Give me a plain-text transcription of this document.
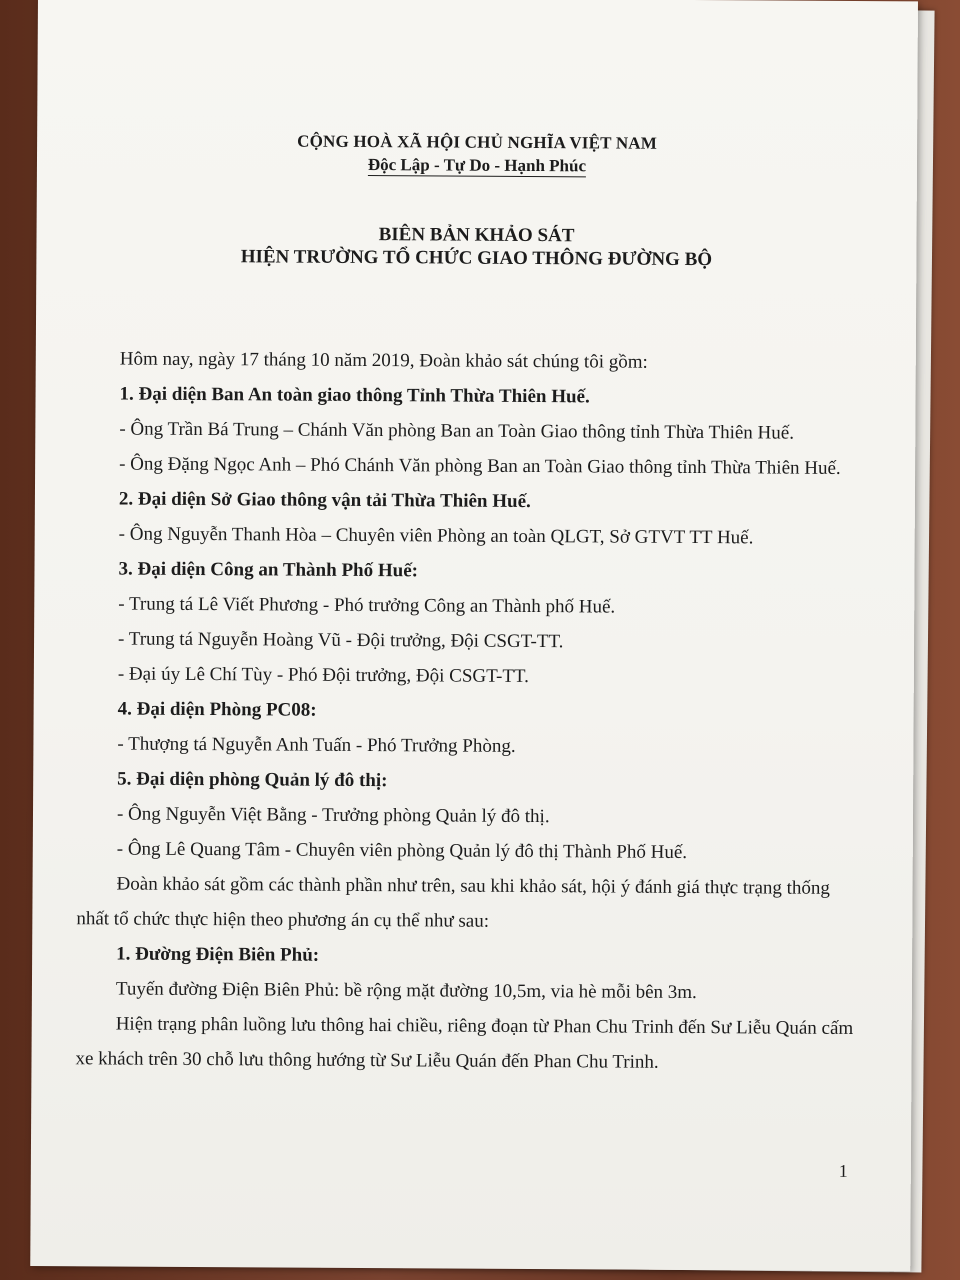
CỘNG HOÀ XÃ HỘI CHỦ NGHĨA VIỆT NAM
Độc Lập - Tự Do - Hạnh Phúc
BIÊN BẢN KHẢO SÁT
HIỆN TRƯỜNG TỔ CHỨC GIAO THÔNG ĐƯỜNG BỘ

Hôm nay, ngày 17 tháng 10 năm 2019, Đoàn khảo sát chúng tôi gồm:

1. Đại diện Ban An toàn giao thông Tỉnh Thừa Thiên Huế.

- Ông Trần Bá Trung – Chánh Văn phòng Ban an Toàn Giao thông tỉnh Thừa Thiên Huế.

- Ông Đặng Ngọc Anh – Phó Chánh Văn phòng Ban an Toàn Giao thông tỉnh Thừa Thiên Huế.

2. Đại diện Sở Giao thông vận tải Thừa Thiên Huế.

- Ông Nguyễn Thanh Hòa – Chuyên viên Phòng an toàn QLGT, Sở GTVT TT Huế.

3. Đại diện Công an Thành Phố Huế:

- Trung tá Lê Viết Phương - Phó trưởng Công an Thành phố Huế.

- Trung tá Nguyễn Hoàng Vũ - Đội trưởng, Đội CSGT-TT.

- Đại úy Lê Chí Tùy - Phó Đội trưởng, Đội CSGT-TT.

4. Đại diện Phòng PC08:

- Thượng tá Nguyễn Anh Tuấn - Phó Trưởng Phòng.

5. Đại diện phòng Quản lý đô thị:

- Ông Nguyễn Việt Bằng - Trưởng phòng Quản lý đô thị.

- Ông Lê Quang Tâm - Chuyên viên phòng Quản lý đô thị Thành Phố Huế.

Đoàn khảo sát gồm các thành phần như trên, sau khi khảo sát, hội ý đánh giá thực trạng thống nhất tổ chức thực hiện theo phương án cụ thể như sau:

1. Đường Điện Biên Phủ:

Tuyến đường Điện Biên Phủ: bề rộng mặt đường 10,5m, via hè mỗi bên 3m.

Hiện trạng phân luồng lưu thông hai chiều, riêng đoạn từ Phan Chu Trinh đến Sư Liễu Quán cấm xe khách trên 30 chỗ lưu thông hướng từ Sư Liễu Quán đến Phan Chu Trinh.

1
